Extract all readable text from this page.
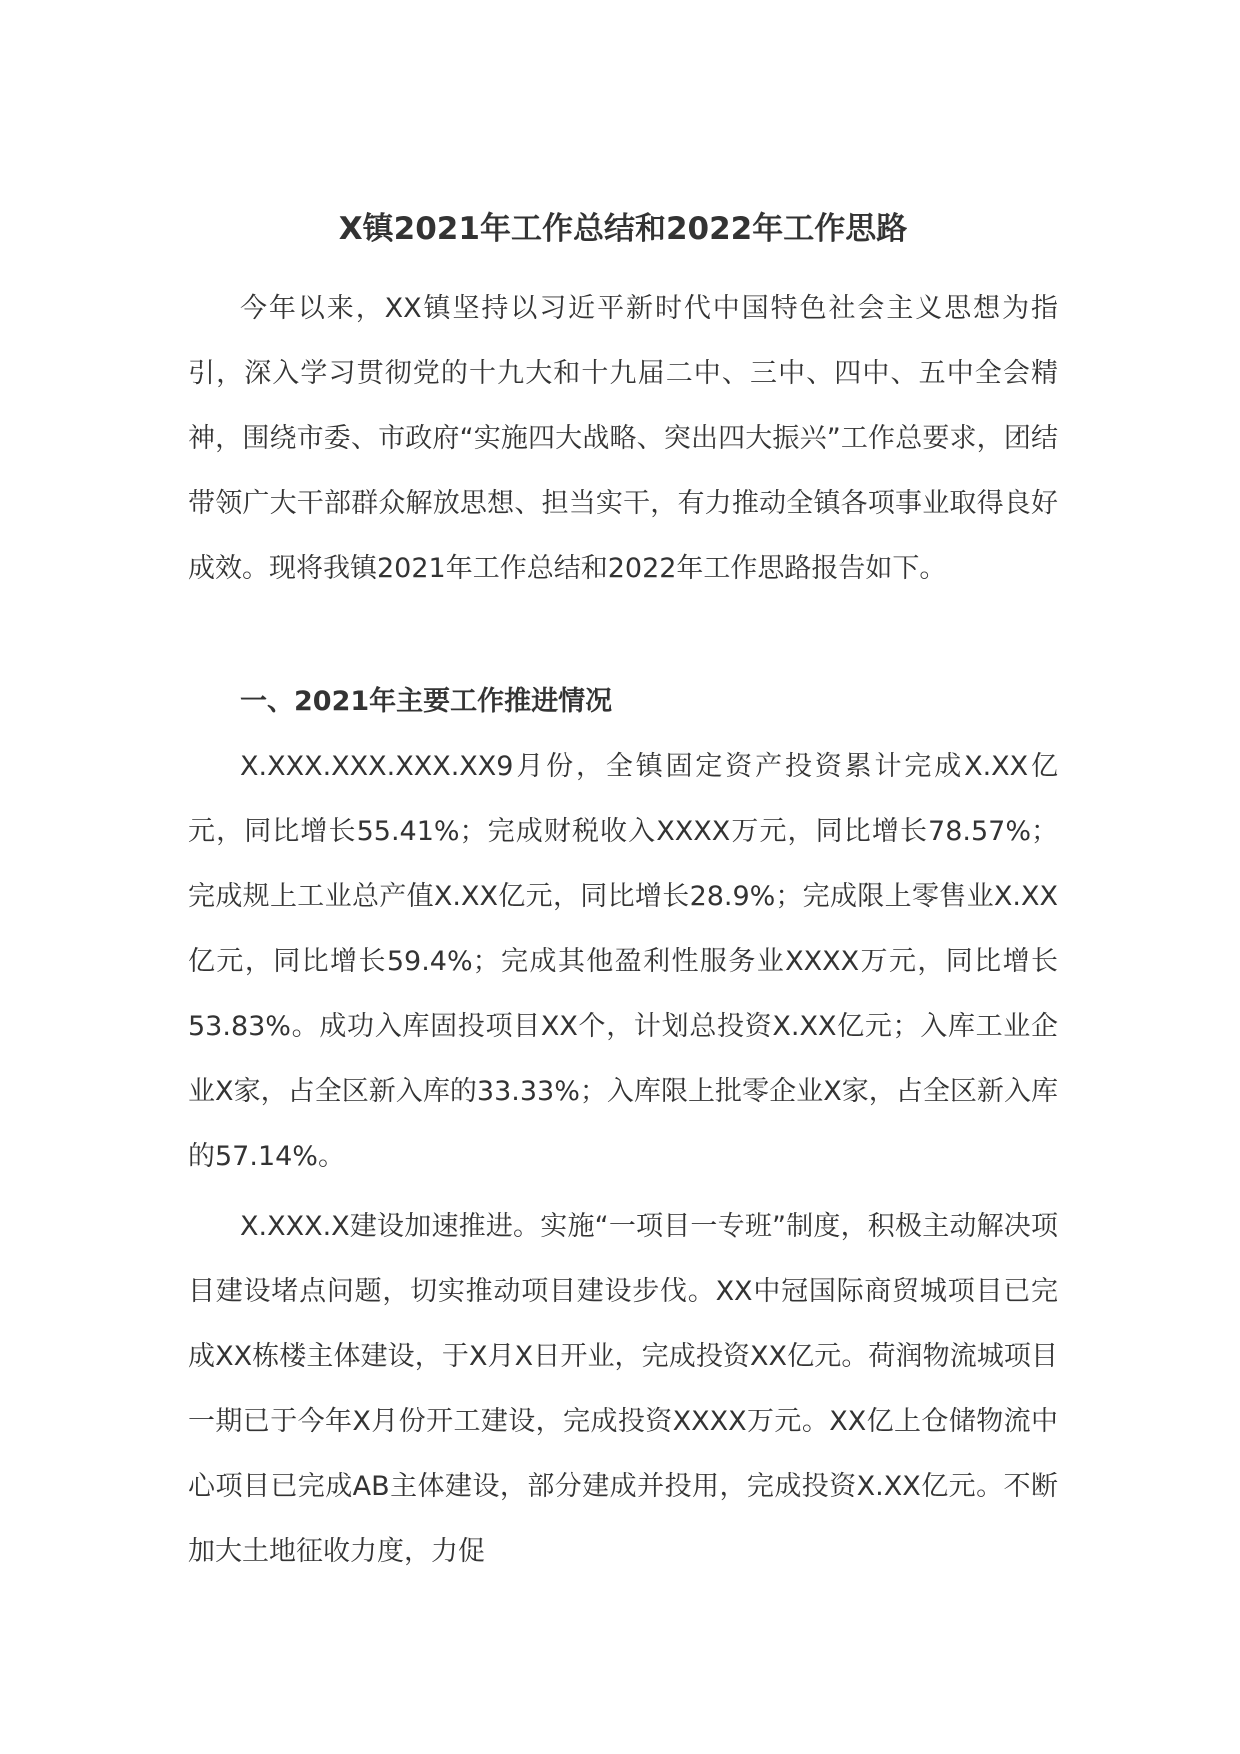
X镇2021年工作总结和2022年工作思路

今年以来，XX镇坚持以习近平新时代中国特色社会主义思想为指引，深入学习贯彻党的十九大和十九届二中、三中、四中、五中全会精神，围绕市委、市政府“实施四大战略、突出四大振兴”工作总要求，团结带领广大干部群众解放思想、担当实干，有力推动全镇各项事业取得良好成效。现将我镇2021年工作总结和2022年工作思路报告如下。

一、2021年主要工作推进情况

X.XXX.XXX.XXX.XX9月份，全镇固定资产投资累计完成X.XX亿元，同比增长55.41%；完成财税收入XXXX万元，同比增长78.57%；完成规上工业总产值X.XX亿元，同比增长28.9%；完成限上零售业X.XX亿元，同比增长59.4%；完成其他盈利性服务业XXXX万元，同比增长53.83%。成功入库固投项目XX个，计划总投资X.XX亿元；入库工业企业X家，占全区新入库的33.33%；入库限上批零企业X家，占全区新入库的57.14%。

X.XXX.X建设加速推进。实施“一项目一专班”制度，积极主动解决项目建设堵点问题，切实推动项目建设步伐。XX中冠国际商贸城项目已完成XX栋楼主体建设，于X月X日开业，完成投资XX亿元。荷润物流城项目一期已于今年X月份开工建设，完成投资XXXX万元。XX亿上仓储物流中心项目已完成AB主体建设，部分建成并投用，完成投资X.XX亿元。不断加大土地征收力度，力促
